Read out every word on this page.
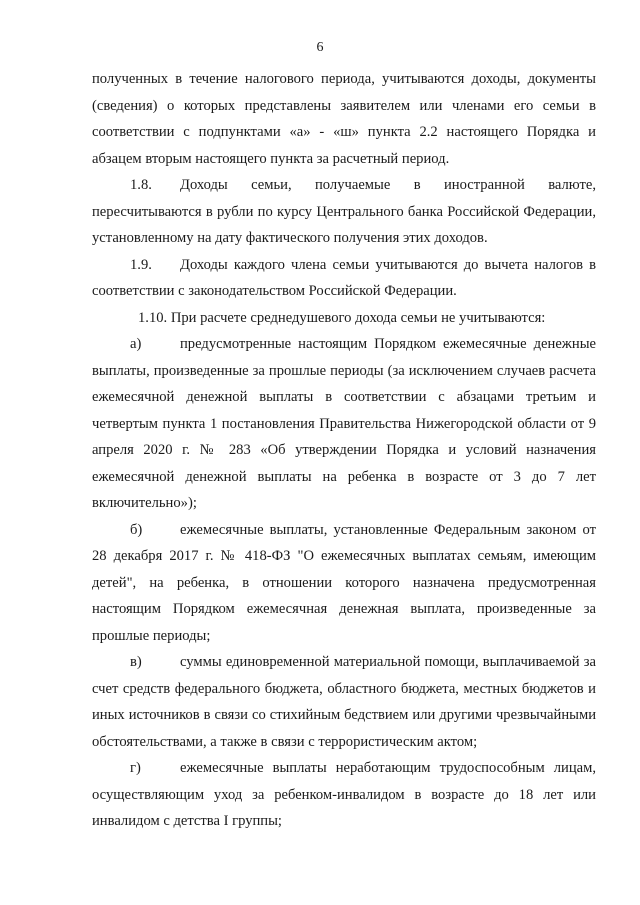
6

полученных в течение налогового периода, учитываются доходы, документы (сведения) о которых представлены заявителем или членами его семьи в соответствии с подпунктами «а» - «ш» пункта 2.2 настоящего Порядка и абзацем вторым настоящего пункта за расчетный период.

1.8. Доходы семьи, получаемые в иностранной валюте, пересчитываются в рубли по курсу Центрального банка Российской Федерации, установленному на дату фактического получения этих доходов.

1.9. Доходы каждого члена семьи учитываются до вычета налогов в соответствии с законодательством Российской Федерации.

1.10. При расчете среднедушевого дохода семьи не учитываются:

а)	предусмотренные настоящим Порядком ежемесячные денежные выплаты, произведенные за прошлые периоды (за исключением случаев расчета ежемесячной денежной выплаты в соответствии с абзацами третьим и четвертым пункта 1 постановления Правительства Нижегородской области от 9 апреля 2020 г. № 283 «Об утверждении Порядка и условий назначения ежемесячной денежной выплаты на ребенка в возрасте от 3 до 7 лет включительно»);

б)	ежемесячные выплаты, установленные Федеральным законом от 28 декабря 2017 г. № 418-ФЗ "О ежемесячных выплатах семьям, имеющим детей", на ребенка, в отношении которого назначена предусмотренная настоящим Порядком ежемесячная денежная выплата, произведенные за прошлые периоды;

в)	суммы единовременной материальной помощи, выплачиваемой за счет средств федерального бюджета, областного бюджета, местных бюджетов и иных источников в связи со стихийным бедствием или другими чрезвычайными обстоятельствами, а также в связи с террористическим актом;

г)	ежемесячные выплаты неработающим трудоспособным лицам, осуществляющим уход за ребенком-инвалидом в возрасте до 18 лет или инвалидом с детства I группы;
